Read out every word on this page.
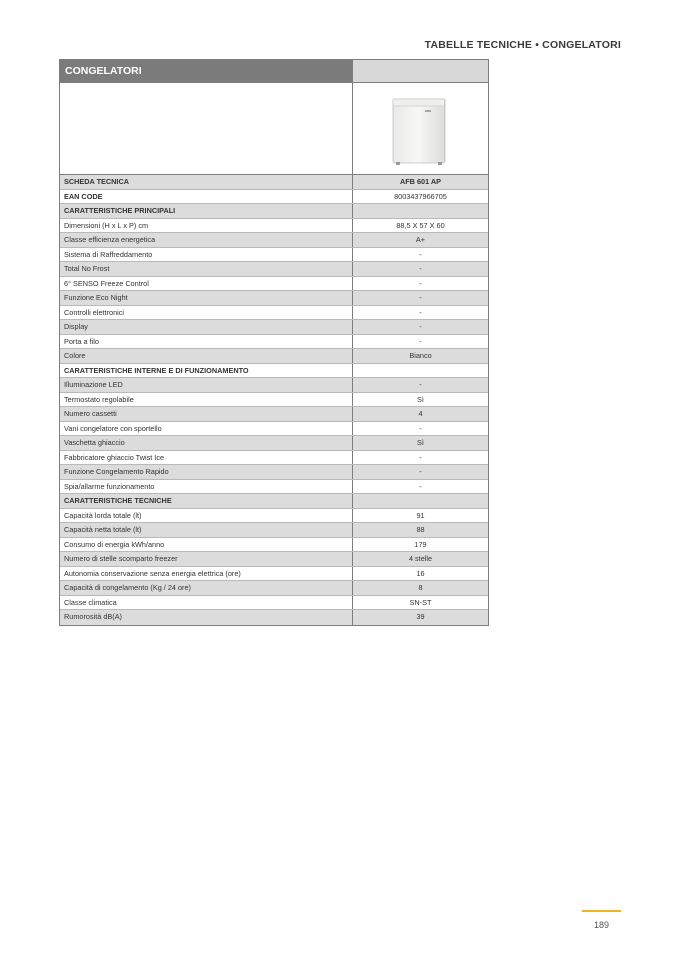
TABELLE TECNICHE • CONGELATORI
CONGELATORI
SCHEDA TECNICA	AFB 601 AP
EAN CODE	8003437966705
CARATTERISTICHE PRINCIPALI
Dimensioni (H x L x P) cm	88,5 X 57 X 60
Classe efficienza energetica	A+
Sistema di Raffreddamento	-
Total No Frost	-
6° SENSO Freeze Control	-
Funzione Eco Night	-
Controlli elettronici	-
Display	-
Porta a filo	-
Colore	Bianco
CARATTERISTICHE INTERNE E DI FUNZIONAMENTO
Illuminazione LED	-
Termostato regolabile	Sì
Numero cassetti	4
Vani congelatore con sportello	-
Vaschetta ghiaccio	Sì
Fabbricatore ghiaccio Twist Ice	-
Funzione Congelamento Rapido	-
Spia/allarme funzionamento	-
CARATTERISTICHE TECNICHE
Capacità lorda totale (lt)	91
Capacità netta totale (lt)	88
Consumo di energia kWh/anno	179
Numero di stelle scomparto freezer	4 stelle
Autonomia conservazione senza energia elettrica (ore)	16
Capacità di congelamento (Kg / 24 ore)	8
Classe climatica	SN-ST
Rumorosità dB(A)	39
189
